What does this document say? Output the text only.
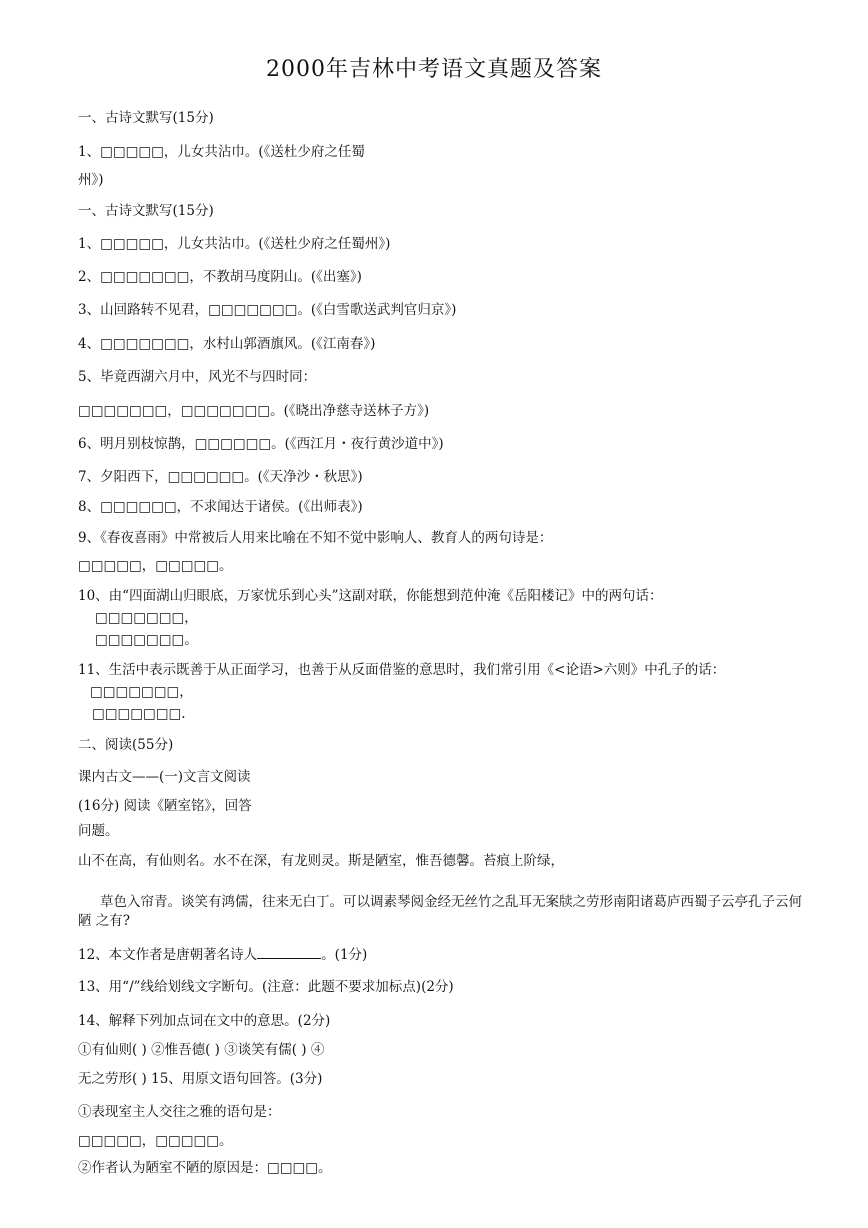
2000年吉林中考语文真题及答案
一、古诗文默写(15分)
1、□□□□□，儿女共沾巾。(《送杜少府之任蜀
州》)
一、古诗文默写(15分)
1、□□□□□，儿女共沾巾。(《送杜少府之任蜀州》)
2、□□□□□□□，不教胡马度阴山。(《出塞》)
3、山回路转不见君，□□□□□□□。(《白雪歌送武判官归京》)
4、□□□□□□□，水村山郭酒旗风。(《江南春》)
5、毕竟西湖六月中，风光不与四时同：
□□□□□□□，□□□□□□□。(《晓出净慈寺送林子方》)
6、明月别枝惊鹊，□□□□□□。(《西江月・夜行黄沙道中》)
7、夕阳西下，□□□□□□。(《天净沙・秋思》)
8、□□□□□□，不求闻达于诸侯。(《出师表》)
9、《春夜喜雨》中常被后人用来比喻在不知不觉中影响人、教育人的两句诗是：
□□□□□，□□□□□。
10、由“四面湖山归眼底，万家忧乐到心头”这副对联，你能想到范仲淹《岳阳楼记》中的两句话：
□□□□□□□，
□□□□□□□。
11、生活中表示既善于从正面学习，也善于从反面借鉴的意思时，我们常引用《<论语>六则》中孔子的话：
□□□□□□□，
□□□□□□□.
二、阅读(55分)
课内古文——(一)文言文阅读
(16分) 阅读《陋室铭》，回答
问题。
山不在高，有仙则名。水不在深，有龙则灵。斯是陋室，惟吾德馨。苔痕上阶绿，
草色入帘青。谈笑有鸿儒，往来无白丁。可以调素琴阅金经无丝竹之乱耳无案牍之劳形南阳诸葛庐西蜀子云亭孔子云何陋 之有?
12、本文作者是唐朝著名诗人	。(1分)
13、用“/”线给划线文字断句。(注意：此题不要求加标点)(2分)
14、解释下列加点词在文中的意思。(2分)
①有仙则( ) ②惟吾德( ) ③谈笑有儒( ) ④
无之劳形( ) 15、用原文语句回答。(3分)
①表现室主人交往之雅的语句是：
□□□□□，□□□□□。
②作者认为陋室不陋的原因是：□□□□。
